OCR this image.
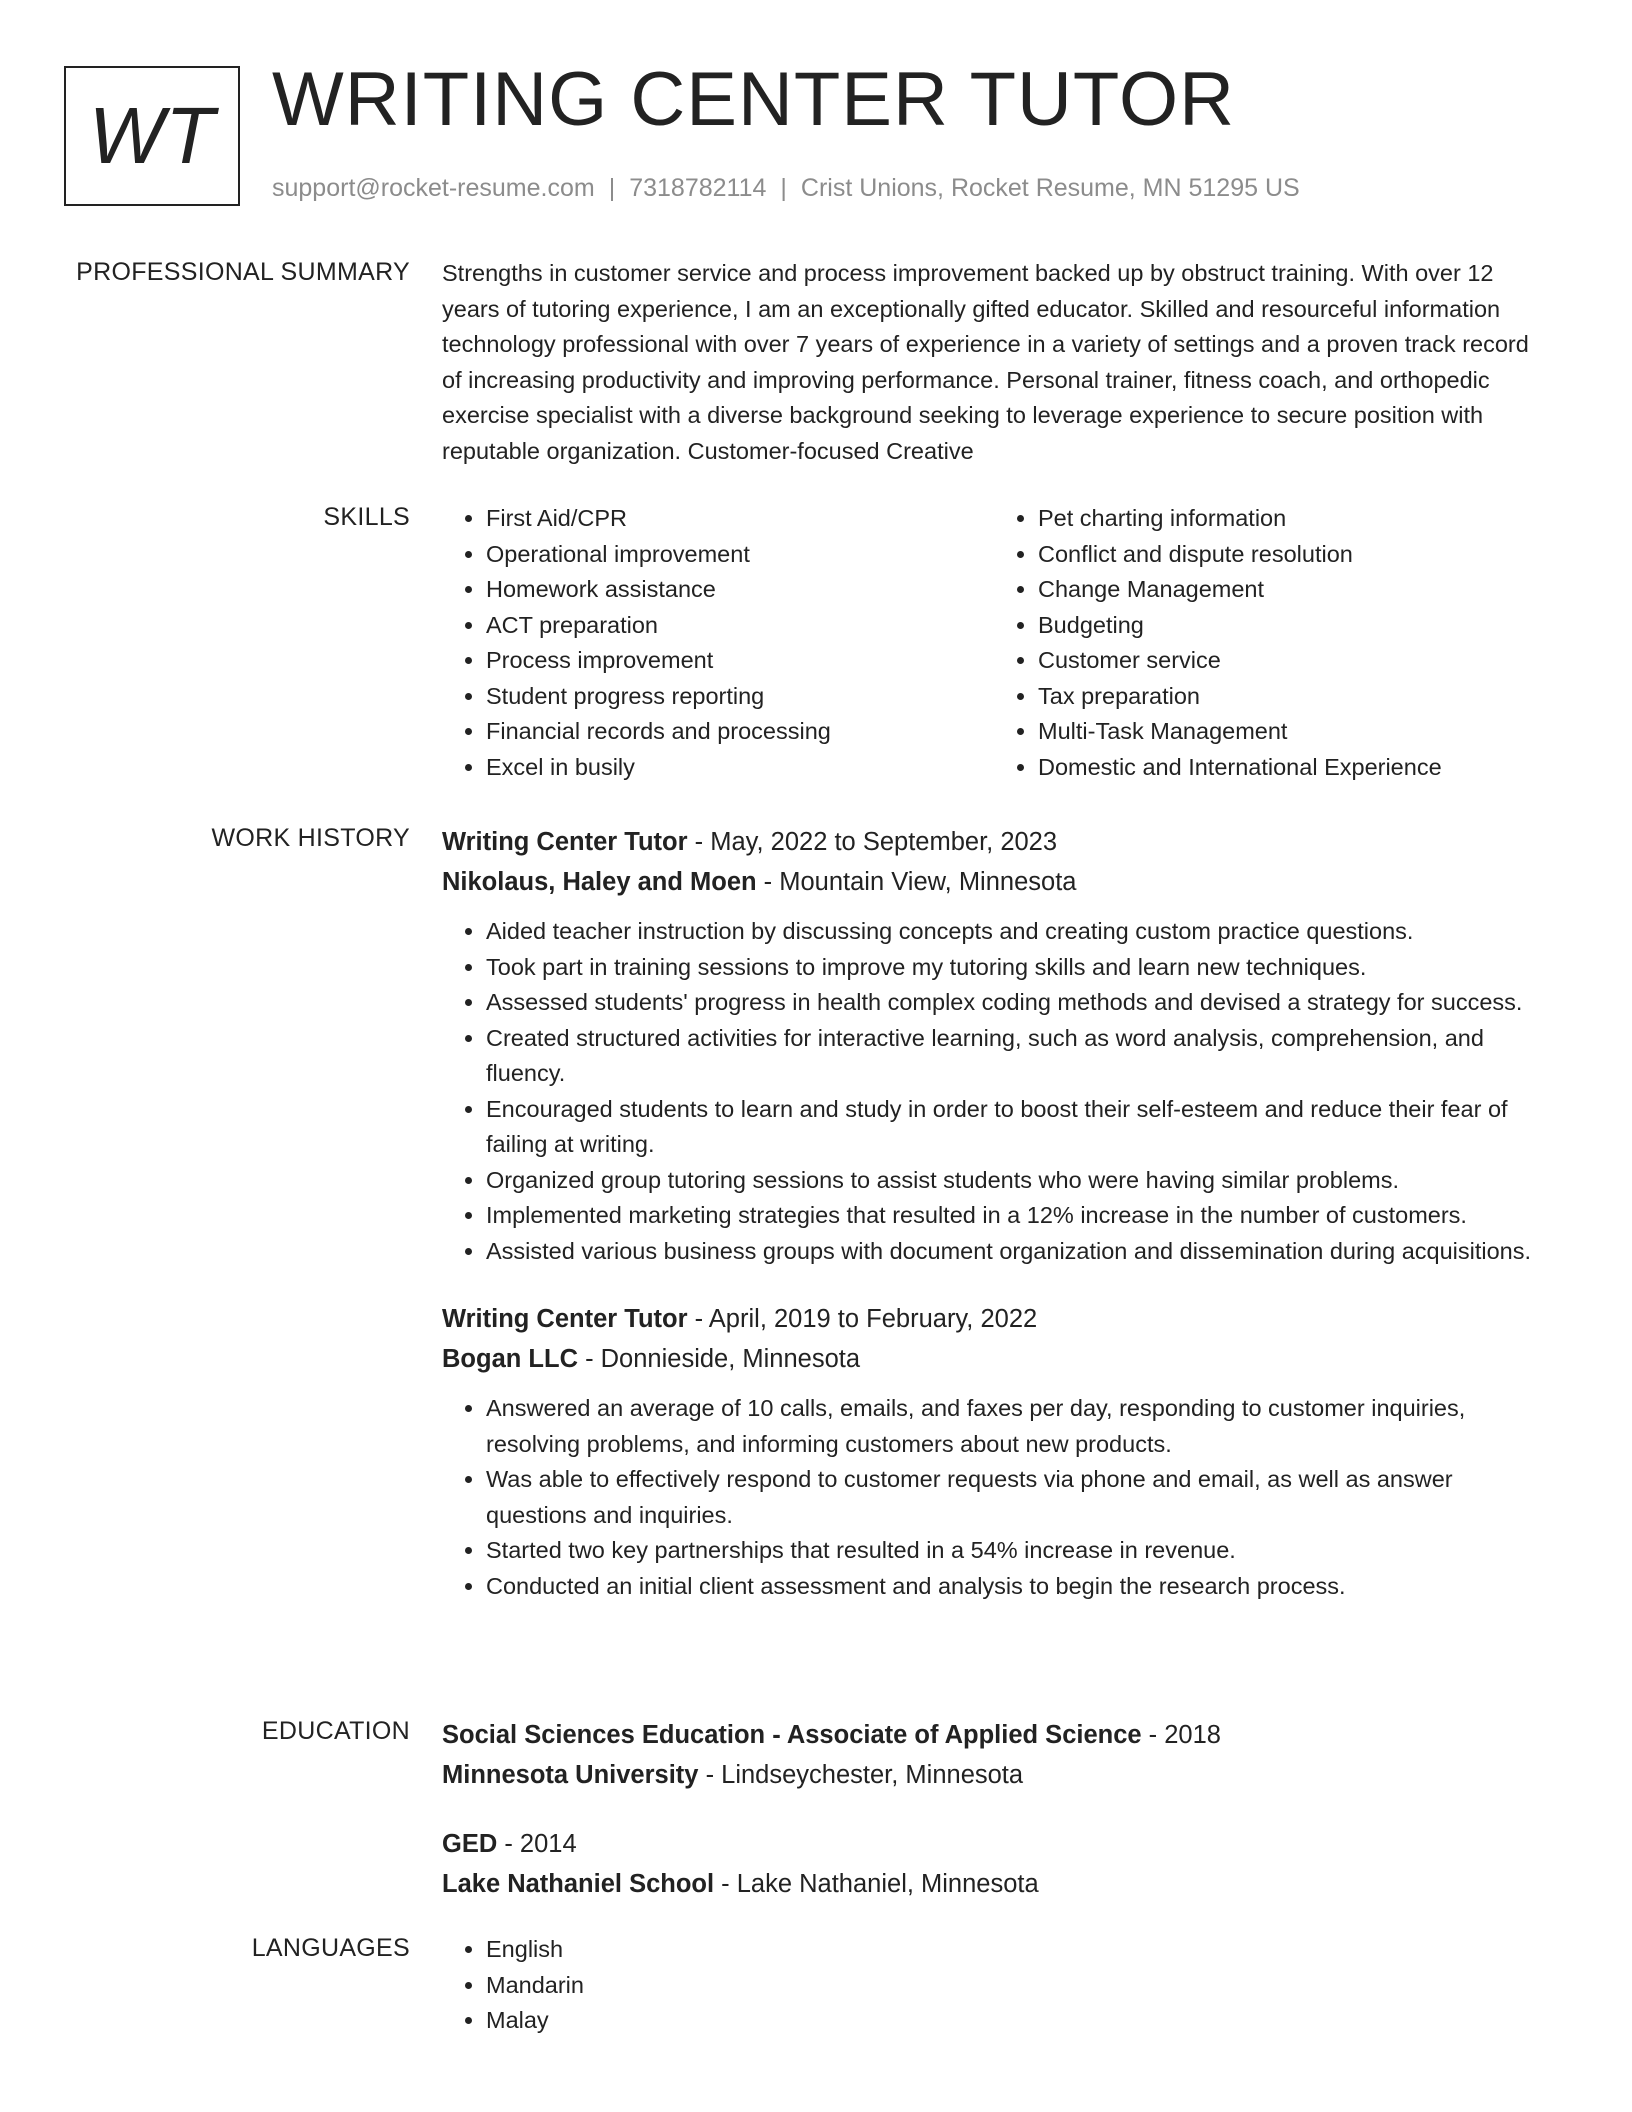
WT WRITING CENTER TUTOR
support@rocket-resume.com | 7318782114 | Crist Unions, Rocket Resume, MN 51295 US
PROFESSIONAL SUMMARY Strengths in customer service and process improvement backed up by obstruct training. With over 12 years of tutoring experience, I am an exceptionally gifted educator. Skilled and resourceful information technology professional with over 7 years of experience in a variety of settings and a proven track record of increasing productivity and improving performance. Personal trainer, fitness coach, and orthopedic exercise specialist with a diverse background seeking to leverage experience to secure position with reputable organization. Customer-focused Creative
SKILLS	• First Aid/CPR
• Operational improvement
• Homework assistance
• ACT preparation
• Process improvement
• Student progress reporting
• Financial records and processing
• Excel in busily
• Pet charting information
• Conflict and dispute resolution
• Change Management
• Budgeting
• Customer service
• Tax preparation
• Multi-Task Management
• Domestic and International Experience
WORK HISTORY Writing Center Tutor - May, 2022 to September, 2023
Nikolaus, Haley and Moen - Mountain View, Minnesota
• Aided teacher instruction by discussing concepts and creating custom practice questions.
• Took part in training sessions to improve my tutoring skills and learn new techniques.
• Assessed students' progress in health complex coding methods and devised a strategy for success.
• Created structured activities for interactive learning, such as word analysis, comprehension, and fluency.
• Encouraged students to learn and study in order to boost their self-esteem and reduce their fear of failing at writing.
• Organized group tutoring sessions to assist students who were having similar problems.
• Implemented marketing strategies that resulted in a 12% increase in the number of customers.
• Assisted various business groups with document organization and dissemination during acquisitions.
Writing Center Tutor - April, 2019 to February, 2022
Bogan LLC - Donnieside, Minnesota
• Answered an average of 10 calls, emails, and faxes per day, responding to customer inquiries, resolving problems, and informing customers about new products.
• Was able to effectively respond to customer requests via phone and email, as well as answer questions and inquiries.
• Started two key partnerships that resulted in a 54% increase in revenue.
• Conducted an initial client assessment and analysis to begin the research process.
EDUCATION Social Sciences Education - Associate of Applied Science - 2018
Minnesota University - Lindseychester, Minnesota
GED - 2014
Lake Nathaniel School - Lake Nathaniel, Minnesota
LANGUAGES	• English
• Mandarin
• Malay
